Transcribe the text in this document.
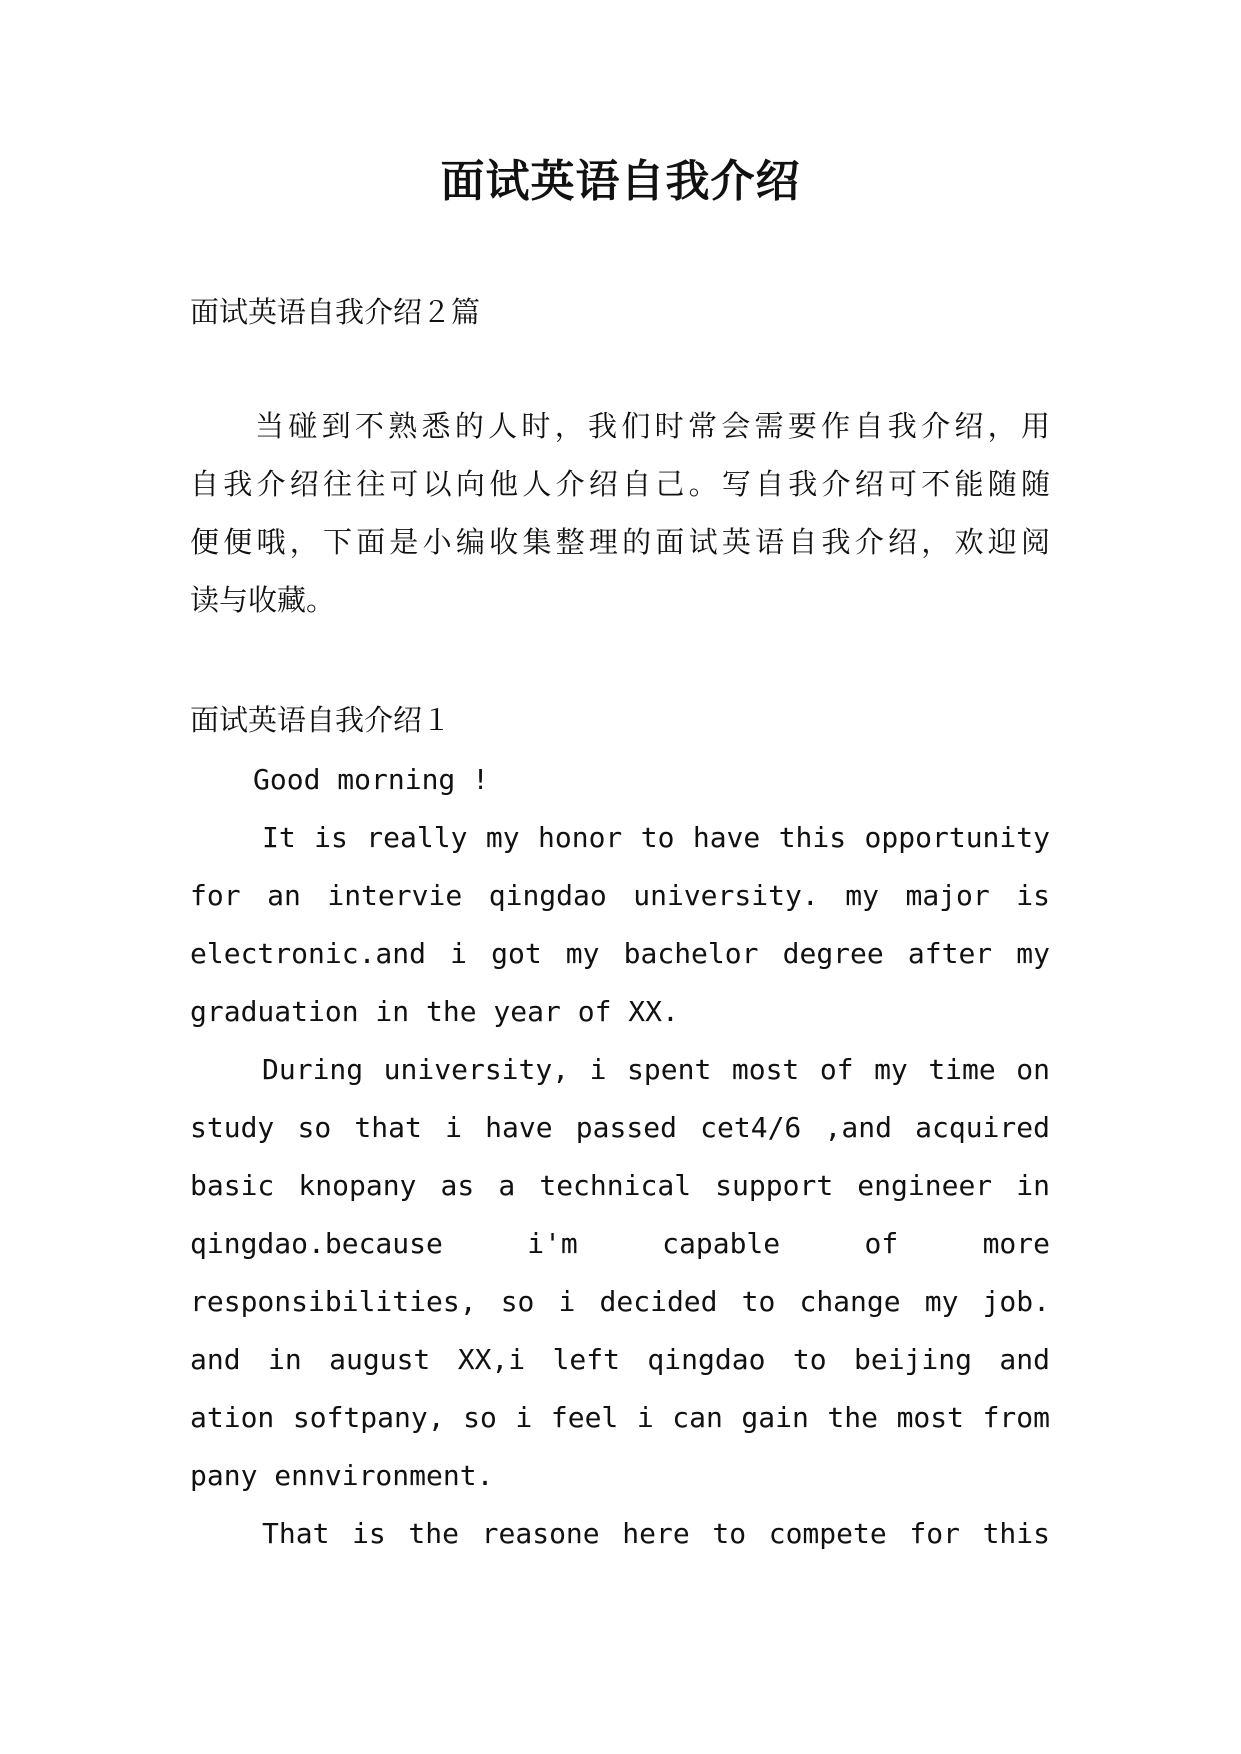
面试英语自我介绍
面试英语自我介绍２篇
当碰到不熟悉的人时，我们时常会需要作自我介绍，用
自我介绍往往可以向他人介绍自己。写自我介绍可不能随随
便便哦，下面是小编收集整理的面试英语自我介绍，欢迎阅
读与收藏。
面试英语自我介绍１
Good morning !
It is really my honor to have this opportunity
for an intervie qingdao university. my major is
electronic.and i got my bachelor degree after my
graduation in the year of XX.
During university, i spent most of my time on
study so that i have passed cet4/6 ,and acquired
basic knopany as a technical support engineer in
qingdao.because i'm capable of more
responsibilities, so i decided to change my job.
and in august XX,i left qingdao to beijing and
ation softpany, so i feel i can gain the most from
pany ennvironment.
That is the reasone here to compete for this
